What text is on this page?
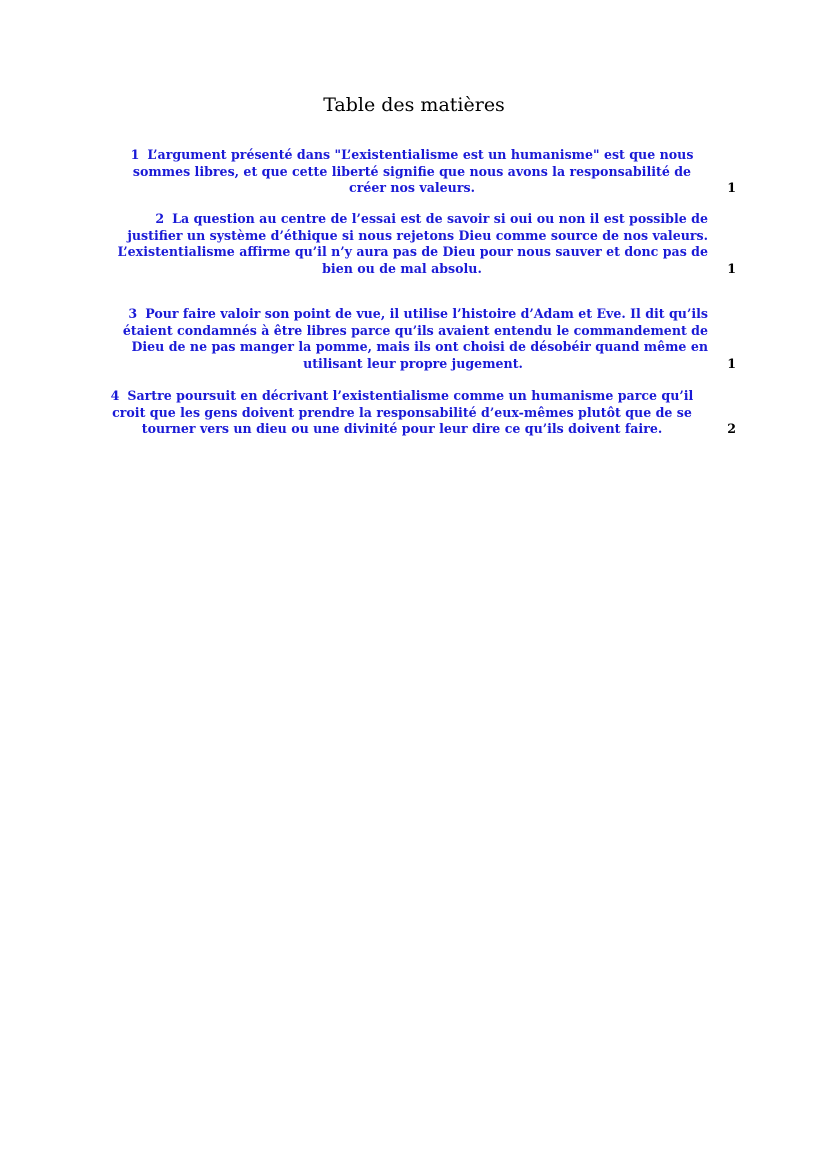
Table des matières
1 L’argument présenté dans "L’existentialisme est un humanisme" est que nous sommes libres, et que cette liberté signifie que nous avons la responsabilité de créer nos valeurs.	1
2 La question au centre de l’essai est de savoir si oui ou non il est possible de justifier un système d’éthique si nous rejetons Dieu comme source de nos valeurs. L’existentialisme affirme qu’il n’y aura pas de Dieu pour nous sauver et donc pas de
bien ou de mal absolu.	1
3 Pour faire valoir son point de vue, il utilise l’histoire d’Adam et Eve. Il dit qu’ils étaient condamnés à être libres parce qu’ils avaient entendu le commandement de Dieu de ne pas manger la pomme, mais ils ont choisi de désobéir quand même en
utilisant leur propre jugement.	1
4 Sartre poursuit en décrivant l’existentialisme comme un humanisme parce qu’il croit que les gens doivent prendre la responsabilité d’eux-mêmes plutôt que de se tourner vers un dieu ou une divinité pour leur dire ce qu’ils doivent faire.	2
